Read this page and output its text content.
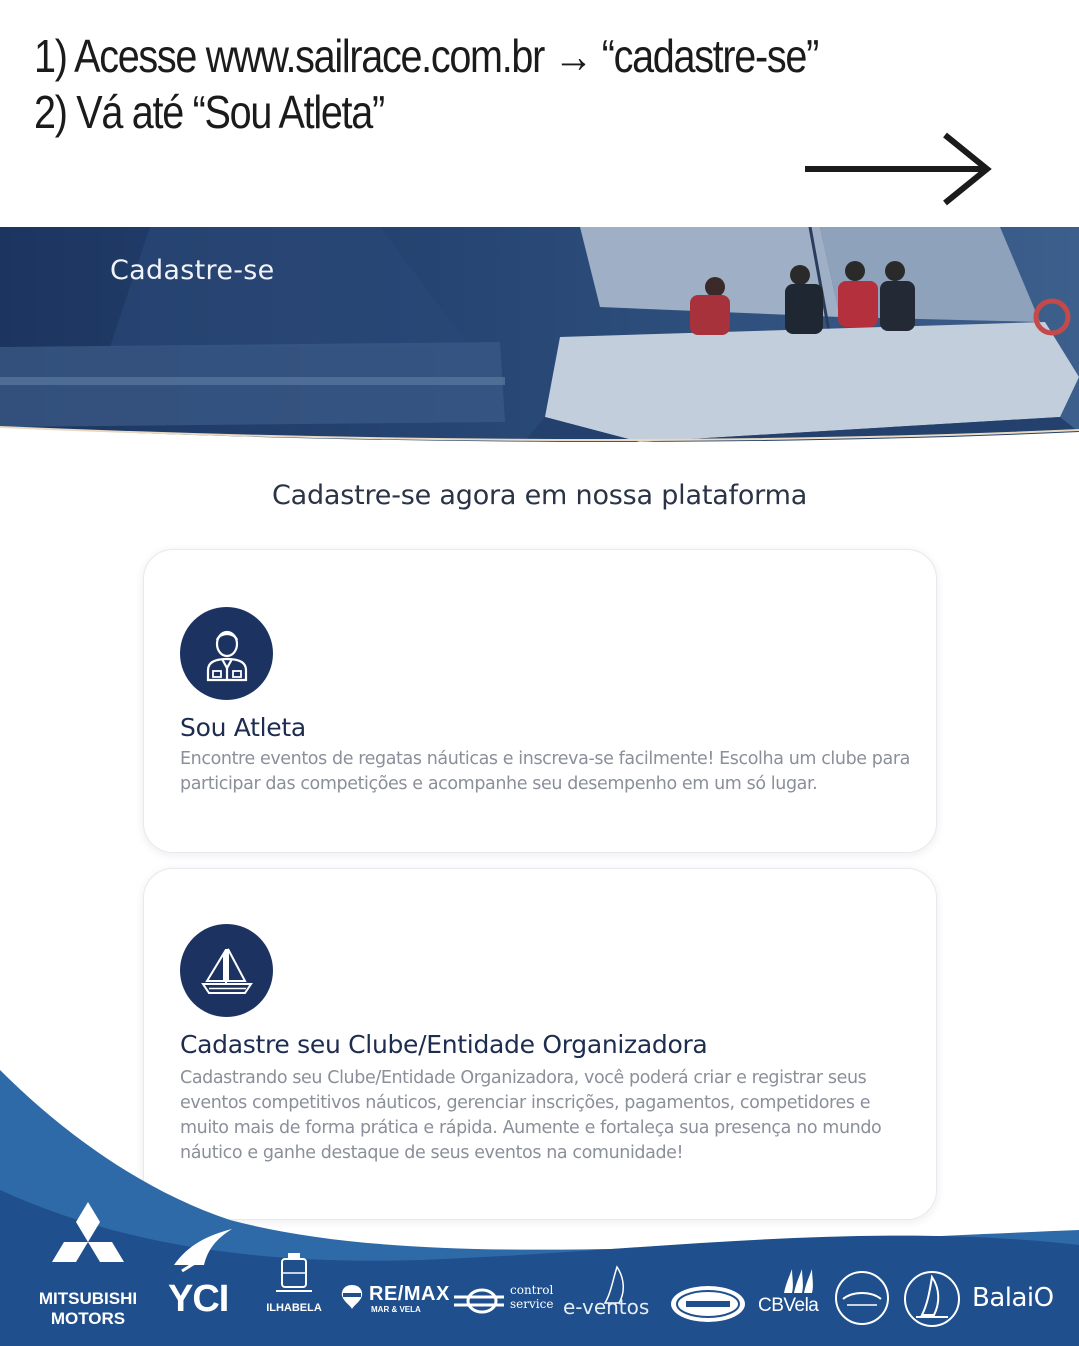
1) Acesse www.sailrace.com.br → “cadastre-se”
2) Vá até “Sou Atleta”
Cadastre-se
Cadastre-se agora em nossa plataforma
Sou Atleta
Encontre eventos de regatas náuticas e inscreva-se facilmente! Escolha um clube para participar das competições e acompanhe seu desempenho em um só lugar.
Cadastre seu Clube/Entidade Organizadora
Cadastrando seu Clube/Entidade Organizadora, você poderá criar e registrar seus eventos competitivos náuticos, gerenciar inscrições, pagamentos, competidores e muito mais de forma prática e rápida. Aumente e fortaleça sua presença no mundo náutico e ganhe destaque de seus eventos na comunidade!
MITSUBISHI
MOTORS	YCI	ILHABELA
RE/MAX
MAR & VELA
control
service e-ventos	CBVela	BalaiO
